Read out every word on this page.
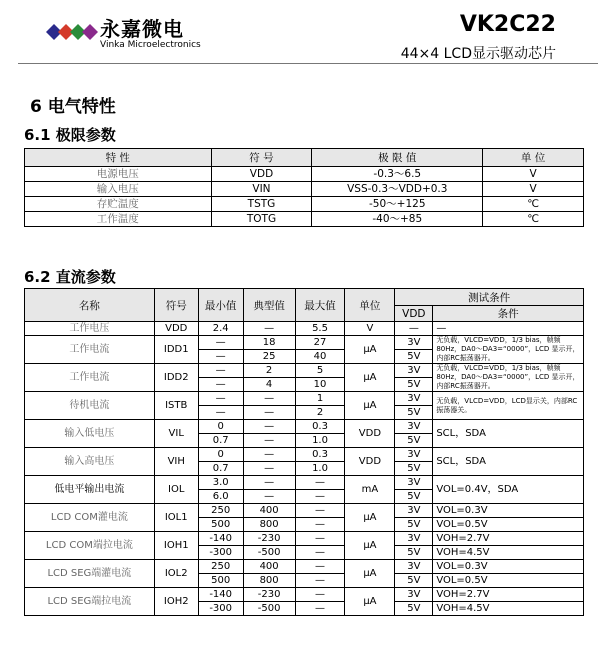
永嘉微电
Vinka Microelectronics
VK2C22
44×4 LCD显示驱动芯片
6 电气特性
6.1 极限参数
特 性	符 号	极 限 值	单 位
电源电压	VDD	-0.3～6.5	V
输入电压	VIN	VSS-0.3～VDD+0.3	V
存贮温度	TSTG	-50～+125	℃
工作温度	TOTG	-40～+85	℃
6.2 直流参数
名称	符号	最小值	典型值	最大值	单位	测试条件	
						VDD	条件
工作电压	VDD	2.4	—	5.5	V	—	—
工作电流	IDD1	—	18	27	μA	3V	无负载，VLCD=VDD，1/3 bias，帧频80Hz，DA0～DA3=“0000”，LCD 显示开，内部RC振荡器开。
		—	25	40		5V	
工作电流	IDD2	—	2	5	μA	3V	无负载，VLCD=VDD，1/3 bias，帧频80Hz，DA0～DA3=“0000”，LCD 显示开，内部RC振荡器开。
		—	4	10		5V	
待机电流	ISTB	—	—	1	μA	3V	无负载，VLCD=VDD，LCD显示关，内部RC振荡器关。
		—	—	2		5V	
输入低电压	VIL	0	—	0.3	VDD	3V	SCL，SDA
		0.7	—	1.0		5V	
输入高电压	VIH	0	—	0.3	VDD	3V	SCL，SDA
		0.7	—	1.0		5V	
低电平输出电流	IOL	3.0	—	—	mA	3V	VOL=0.4V，SDA
		6.0	—	—		5V	
LCD COM灌电流	IOL1	250	400	—	μA	3V	VOL=0.3V
		500	800	—		5V	VOL=0.5V
LCD COM端拉电流	IOH1	-140	-230	—	μA	3V	VOH=2.7V
		-300	-500	—		5V	VOH=4.5V
LCD SEG端灌电流	IOL2	250	400	—	μA	3V	VOL=0.3V
		500	800	—		5V	VOL=0.5V
LCD SEG端拉电流	IOH2	-140	-230	—	μA	3V	VOH=2.7V
		-300	-500	—		5V	VOH=4.5V
